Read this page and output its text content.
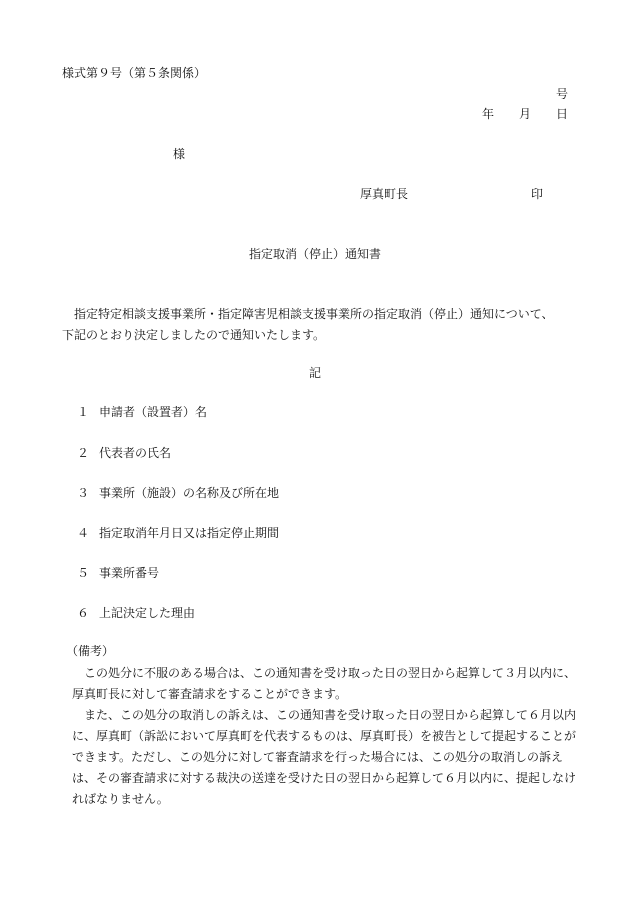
様式第９号（第５条関係）
号
年 月 日
様
厚真町長	印
指定取消（停止）通知書

指定特定相談支援事業所・指定障害児相談支援事業所の指定取消（停止）通知について、

下記のとおり決定しましたので通知いたします。
記
１ 申請者（設置者）名
２ 代表者の氏名
３ 事業所（施設）の名称及び所在地
４ 指定取消年月日又は指定停止期間
５ 事業所番号
６ 上記決定した理由
（備考）

この処分に不服のある場合は、この通知書を受け取った日の翌日から起算して３月以内に、厚真町長に対して審査請求をすることができます。

また、この処分の取消しの訴えは、この通知書を受け取った日の翌日から起算して６月以内に、厚真町（訴訟において厚真町を代表するものは、厚真町長）を被告として提起することができます。ただし、この処分に対して審査請求を行った場合には、この処分の取消しの訴えは、その審査請求に対する裁決の送達を受けた日の翌日から起算して６月以内に、提起しなければなりません。
